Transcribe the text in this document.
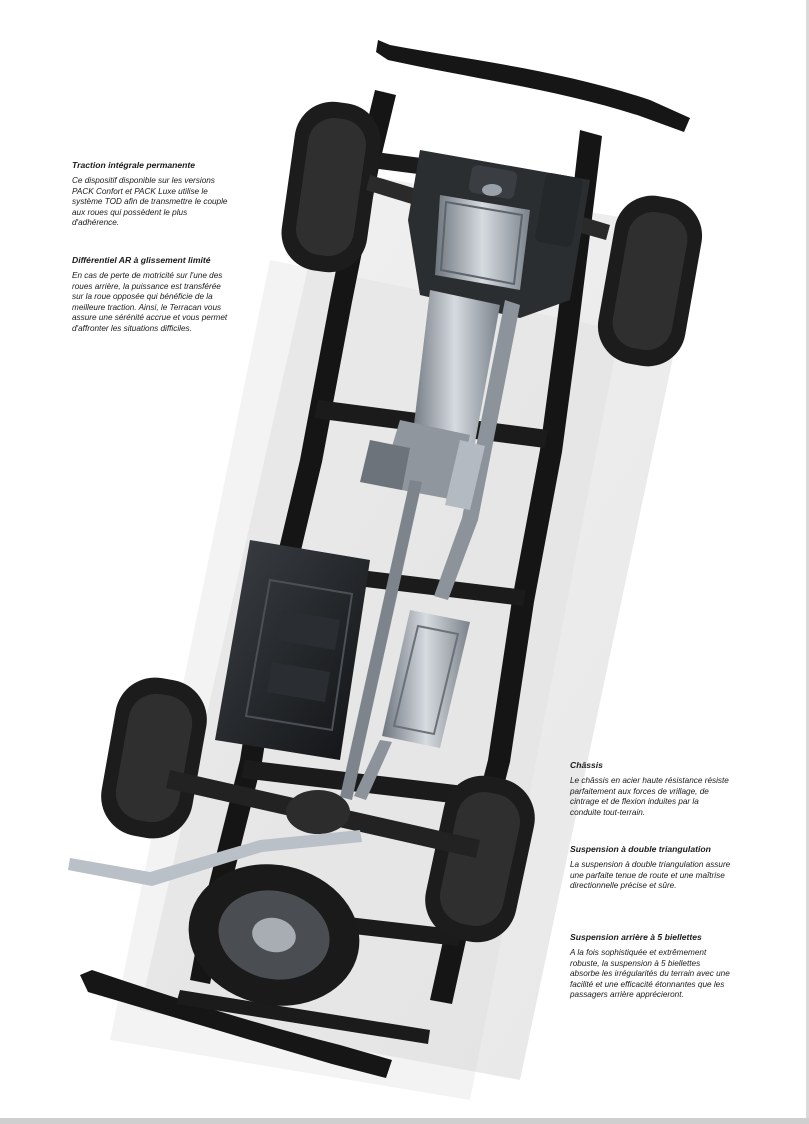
Traction intégrale permanente

Ce dispositif disponible sur les versions PACK Confort et PACK Luxe utilise le système TOD afin de transmettre le couple aux roues qui possèdent le plus d'adhérence.

Différentiel AR à glissement limité

En cas de perte de motricité sur l'une des roues arrière, la puissance est transférée sur la roue opposée qui bénéficie de la meilleure traction. Ainsi, le Terracan vous assure une sérénité accrue et vous permet d'affronter les situations difficiles.

Châssis

Le châssis en acier haute résistance résiste parfaitement aux forces de vrillage, de cintrage et de flexion induites par la conduite tout-terrain.

Suspension à double triangulation

La suspension à double triangulation assure une parfaite tenue de route et une maîtrise directionnelle précise et sûre.

Suspension arrière à 5 biellettes

A la fois sophistiquée et extrêmement robuste, la suspension à 5 biellettes absorbe les irrégularités du terrain avec une facilité et une efficacité étonnantes que les passagers arrière apprécieront.
